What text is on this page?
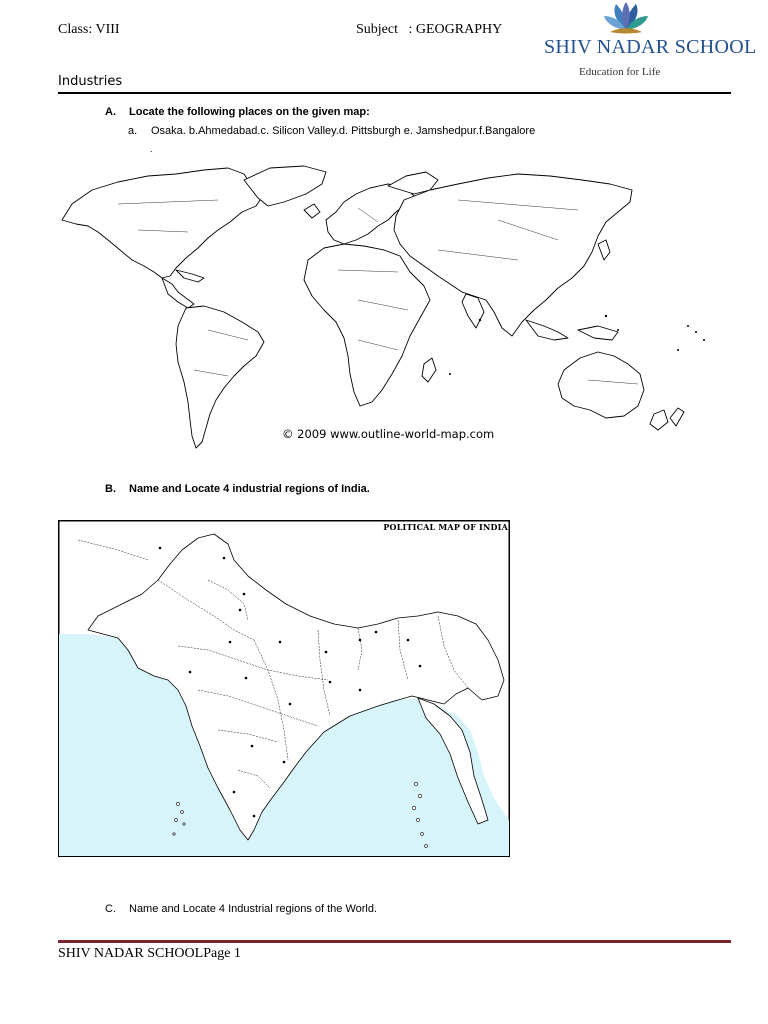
Class: VIII	Subject   : GEOGRAPHY
SHIV NADAR SCHOOL
Education for Life
Industries
A. Locate the following places on the given map:
a. Osaka. b.Ahmedabad.c. Silicon Valley.d. Pittsburgh e. Jamshedpur.f.Bangalore
.
© 2009 www.outline-world-map.com
B. Name and Locate 4 industrial regions of India.
POLITICAL MAP OF INDIA
C. Name and Locate 4 Industrial regions of the World.
SHIV NADAR SCHOOLPage 1
